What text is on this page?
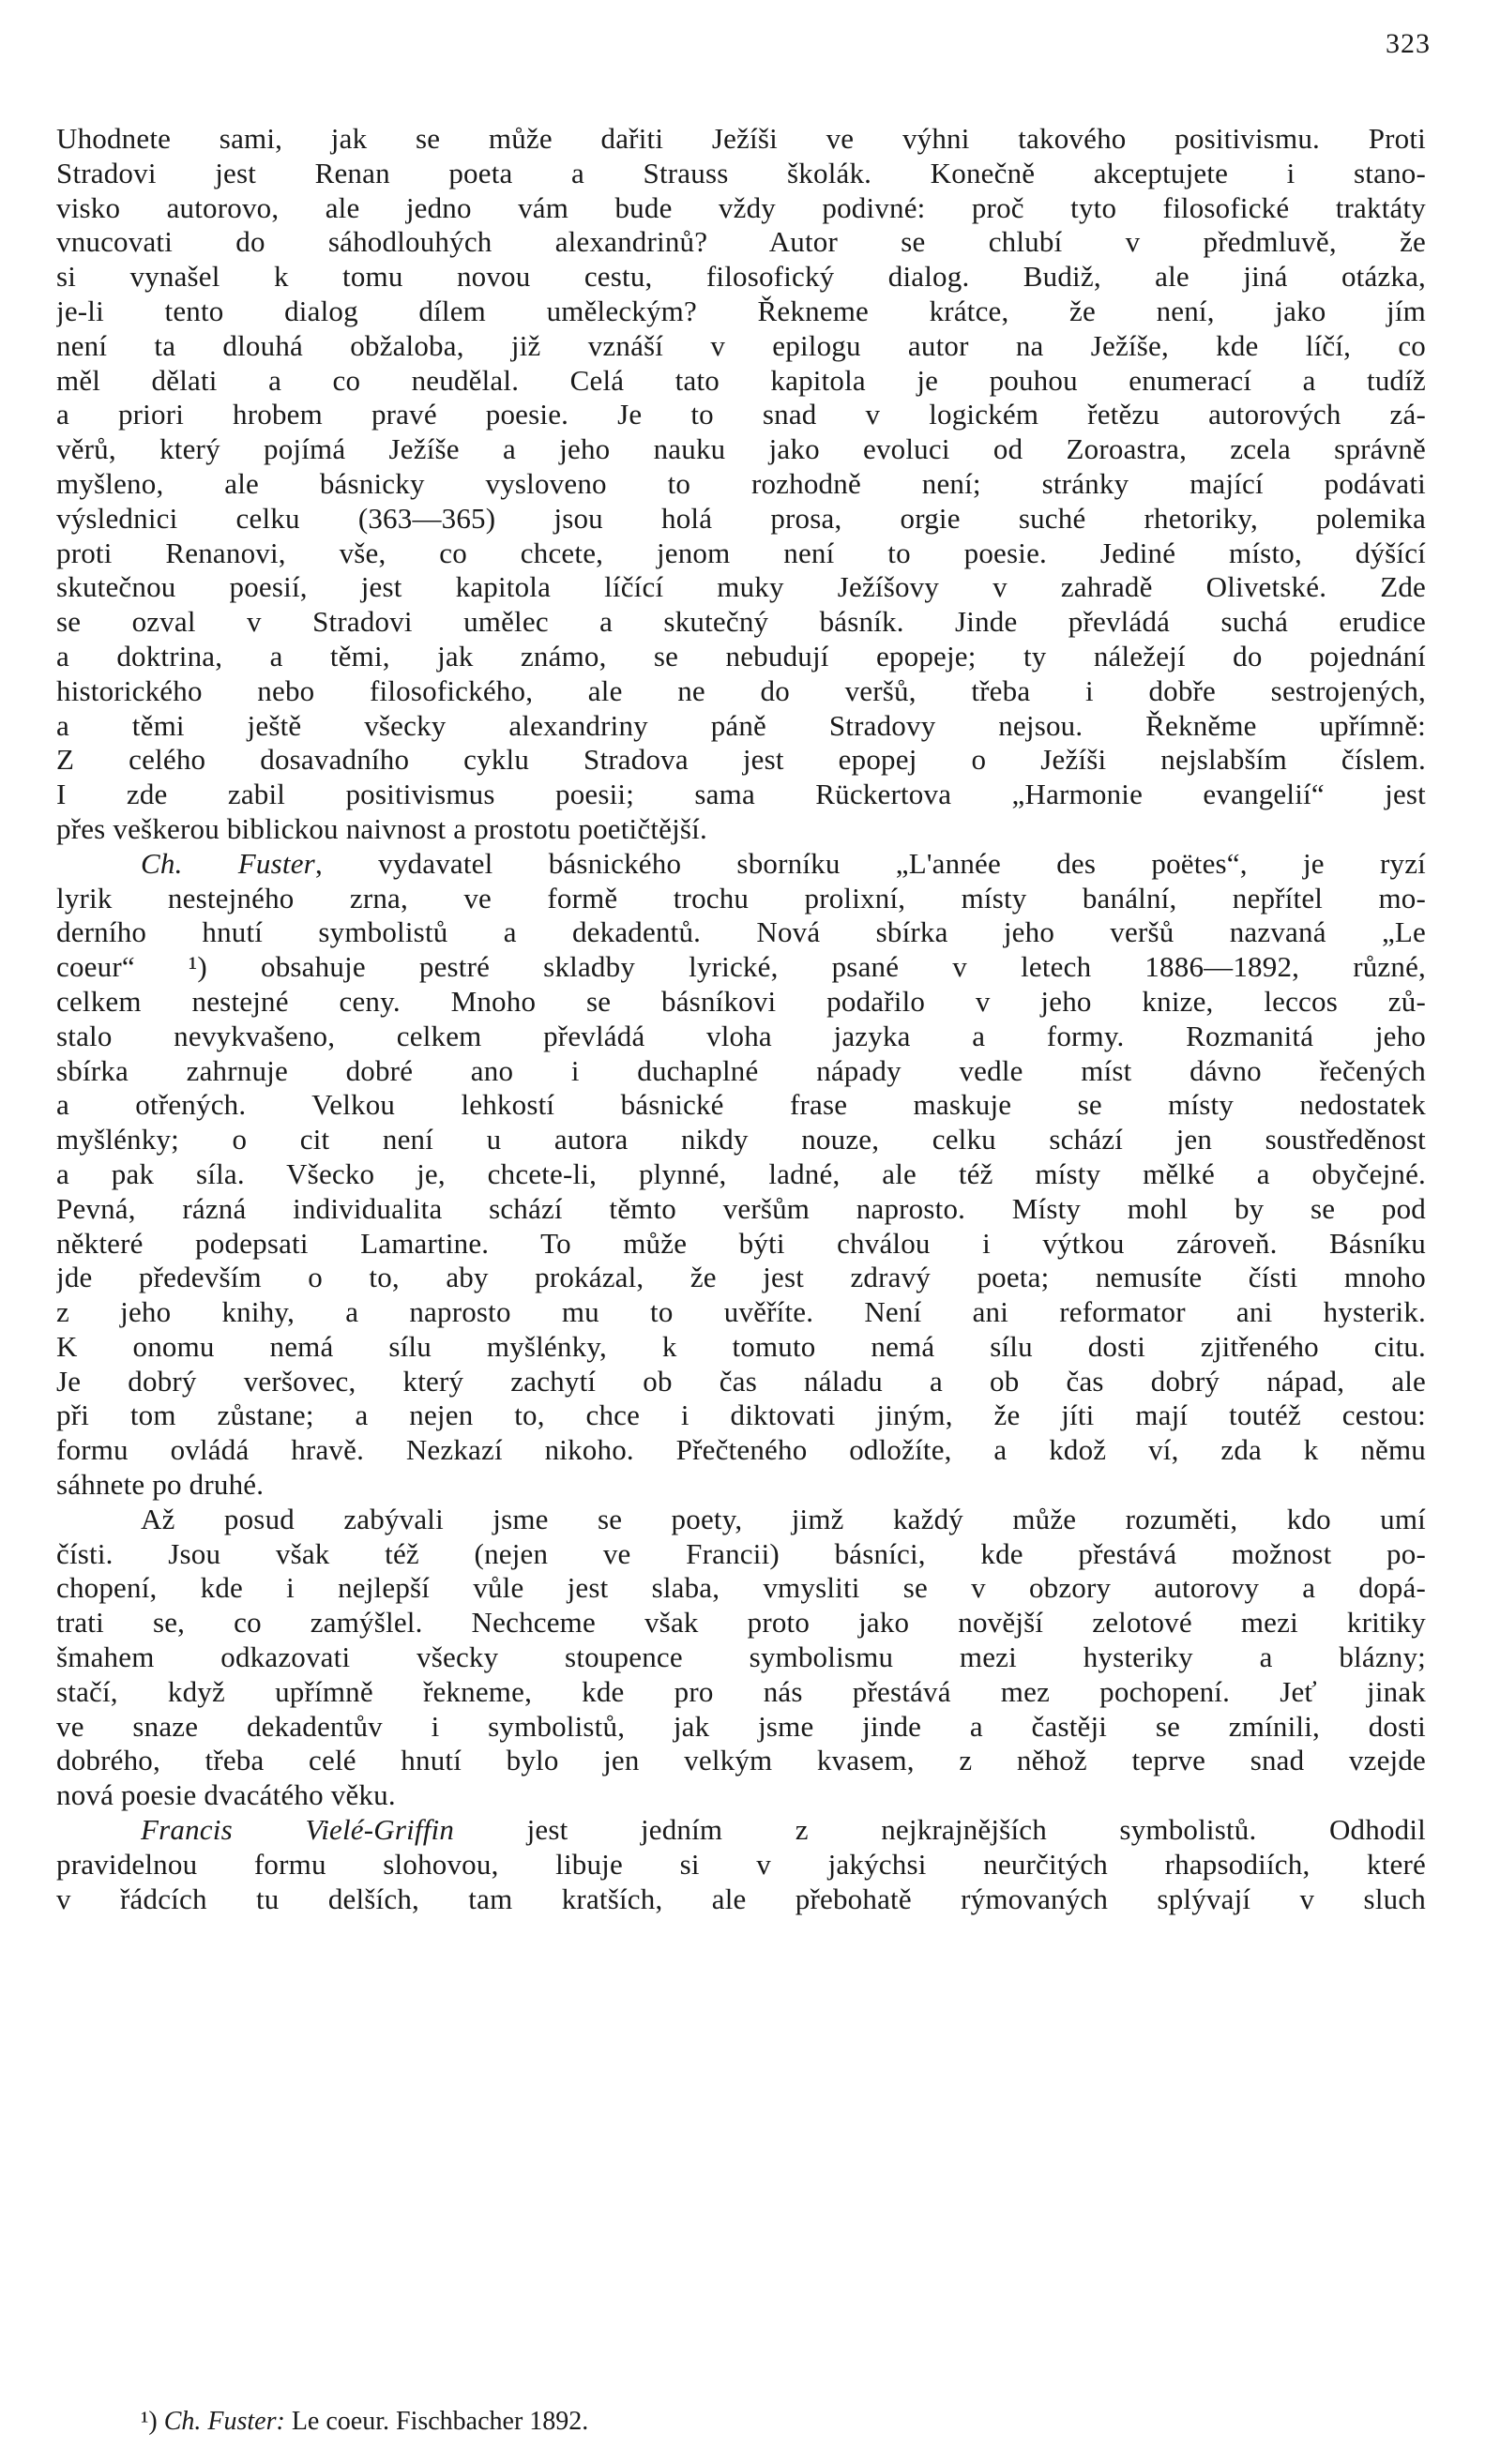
323
Uhodnete sami, jak se může dařiti Ježíši ve výhni takového positivismu. Proti
Stradovi jest Renan poeta a Strauss školák. Konečně akceptujete i stano-
visko autorovo, ale jedno vám bude vždy podivné: proč tyto filosofické traktáty
vnucovati do sáhodlouhých alexandrinů? Autor se chlubí v předmluvě, že
si vynašel k tomu novou cestu, filosofický dialog. Budiž, ale jiná otázka,
je-li tento dialog dílem uměleckým? Řekneme krátce, že není, jako jím
není ta dlouhá obžaloba, již vznáší v epilogu autor na Ježíše, kde líčí, co
měl dělati a co neudělal. Celá tato kapitola je pouhou enumerací a tudíž
a priori hrobem pravé poesie. Je to snad v logickém řetězu autorových zá-
věrů, který pojímá Ježíše a jeho nauku jako evoluci od Zoroastra, zcela správně
myšleno, ale básnicky vysloveno to rozhodně není; stránky mající podávati
výslednici celku (363—365) jsou holá prosa, orgie suché rhetoriky, polemika
proti Renanovi, vše, co chcete, jenom není to poesie. Jediné místo, dýšící
skutečnou poesií, jest kapitola líčící muky Ježíšovy v zahradě Olivetské. Zde
se ozval v Stradovi umělec a skutečný básník. Jinde převládá suchá erudice
a doktrina, a těmi, jak známo, se nebudují epopeje; ty náležejí do pojednání
historického nebo filosofického, ale ne do veršů, třeba i dobře sestrojených,
a těmi ještě všecky alexandriny páně Stradovy nejsou. Řekněme upřímně:
Z celého dosavadního cyklu Stradova jest epopej o Ježíši nejslabším číslem.
I zde zabil positivismus poesii; sama Rückertova „Harmonie evangelií“ jest
přes veškerou biblickou naivnost a prostotu poetičtější.
Ch. Fuster, vydavatel básnického sborníku „L'année des poëtes“, je ryzí
lyrik nestejného zrna, ve formě trochu prolixní, místy banální, nepřítel mo-
derního hnutí symbolistů a dekadentů. Nová sbírka jeho veršů nazvaná „Le
coeur“ ¹) obsahuje pestré skladby lyrické, psané v letech 1886—1892, různé,
celkem nestejné ceny. Mnoho se básníkovi podařilo v jeho knize, leccos zů-
stalo nevykvašeno, celkem převládá vloha jazyka a formy. Rozmanitá jeho
sbírka zahrnuje dobré ano i duchaplné nápady vedle míst dávno řečených
a otřených. Velkou lehkostí básnické frase maskuje se místy nedostatek
myšlénky; o cit není u autora nikdy nouze, celku schází jen soustředěnost
a pak síla. Všecko je, chcete-li, plynné, ladné, ale též místy mělké a obyčejné.
Pevná, rázná individualita schází těmto veršům naprosto. Místy mohl by se pod
některé podepsati Lamartine. To může býti chválou i výtkou zároveň. Básníku
jde především o to, aby prokázal, že jest zdravý poeta; nemusíte čísti mnoho
z jeho knihy, a naprosto mu to uvěříte. Není ani reformator ani hysterik.
K onomu nemá sílu myšlénky, k tomuto nemá sílu dosti zjitřeného citu.
Je dobrý veršovec, který zachytí ob čas náladu a ob čas dobrý nápad, ale
při tom zůstane; a nejen to, chce i diktovati jiným, že jíti mají toutéž cestou:
formu ovládá hravě. Nezkazí nikoho. Přečteného odložíte, a kdož ví, zda k němu
sáhnete po druhé.
Až posud zabývali jsme se poety, jimž každý může rozuměti, kdo umí
čísti. Jsou však též (nejen ve Francii) básníci, kde přestává možnost po-
chopení, kde i nejlepší vůle jest slaba, vmysliti se v obzory autorovy a dopá-
trati se, co zamýšlel. Nechceme však proto jako novější zelotové mezi kritiky
šmahem odkazovati všecky stoupence symbolismu mezi hysteriky a blázny;
stačí, když upřímně řekneme, kde pro nás přestává mez pochopení. Jeť jinak
ve snaze dekadentův i symbolistů, jak jsme jinde a častěji se zmínili, dosti
dobrého, třeba celé hnutí bylo jen velkým kvasem, z něhož teprve snad vzejde
nová poesie dvacátého věku.
Francis Vielé-Griffin jest jedním z nejkrajnějších symbolistů. Odhodil
pravidelnou formu slohovou, libuje si v jakýchsi neurčitých rhapsodiích, které
v řádcích tu delších, tam kratších, ale přebohatě rýmovaných splývají v sluch
¹) Ch. Fuster: Le coeur. Fischbacher 1892.
